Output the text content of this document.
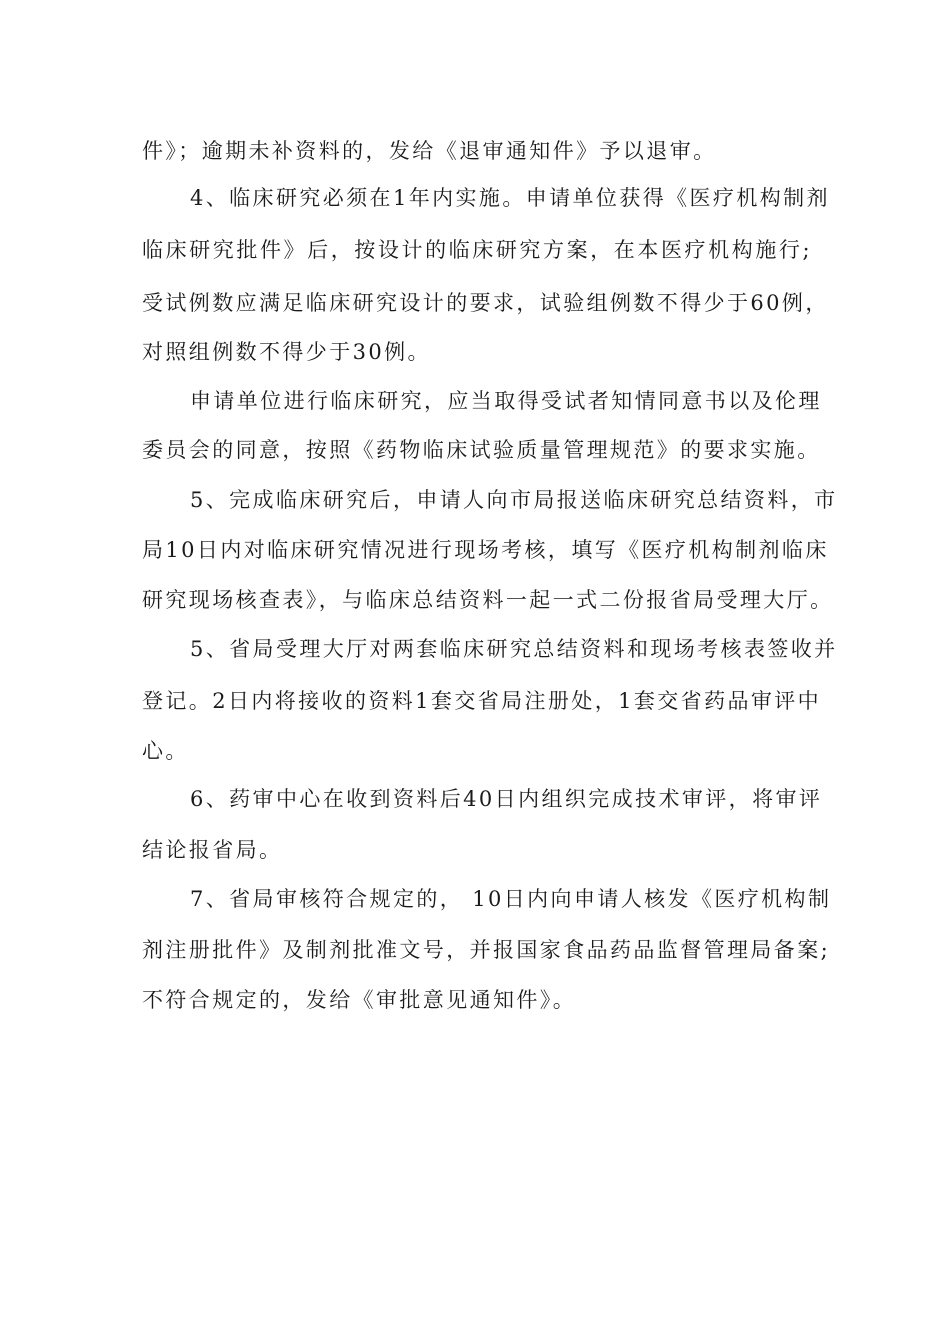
件》；逾期未补资料的，发给《退审通知件》予以退审。
4、临床研究必须在1年内实施。申请单位获得《医疗机构制剂
临床研究批件》后，按设计的临床研究方案，在本医疗机构施行;
受试例数应满足临床研究设计的要求，试验组例数不得少于60例，
对照组例数不得少于30例。
申请单位进行临床研究，应当取得受试者知情同意书以及伦理
委员会的同意，按照《药物临床试验质量管理规范》的要求实施。
5、完成临床研究后，申请人向市局报送临床研究总结资料，市
局10日内对临床研究情况进行现场考核，填写《医疗机构制剂临床
研究现场核查表》，与临床总结资料一起一式二份报省局受理大厅。
5、省局受理大厅对两套临床研究总结资料和现场考核表签收并
登记。2日内将接收的资料1套交省局注册处，1套交省药品审评中
心。
6、药审中心在收到资料后40日内组织完成技术审评，将审评
结论报省局。
7、省局审核符合规定的， 10日内向申请人核发《医疗机构制
剂注册批件》及制剂批准文号，并报国家食品药品监督管理局备案;
不符合规定的，发给《审批意见通知件》。
